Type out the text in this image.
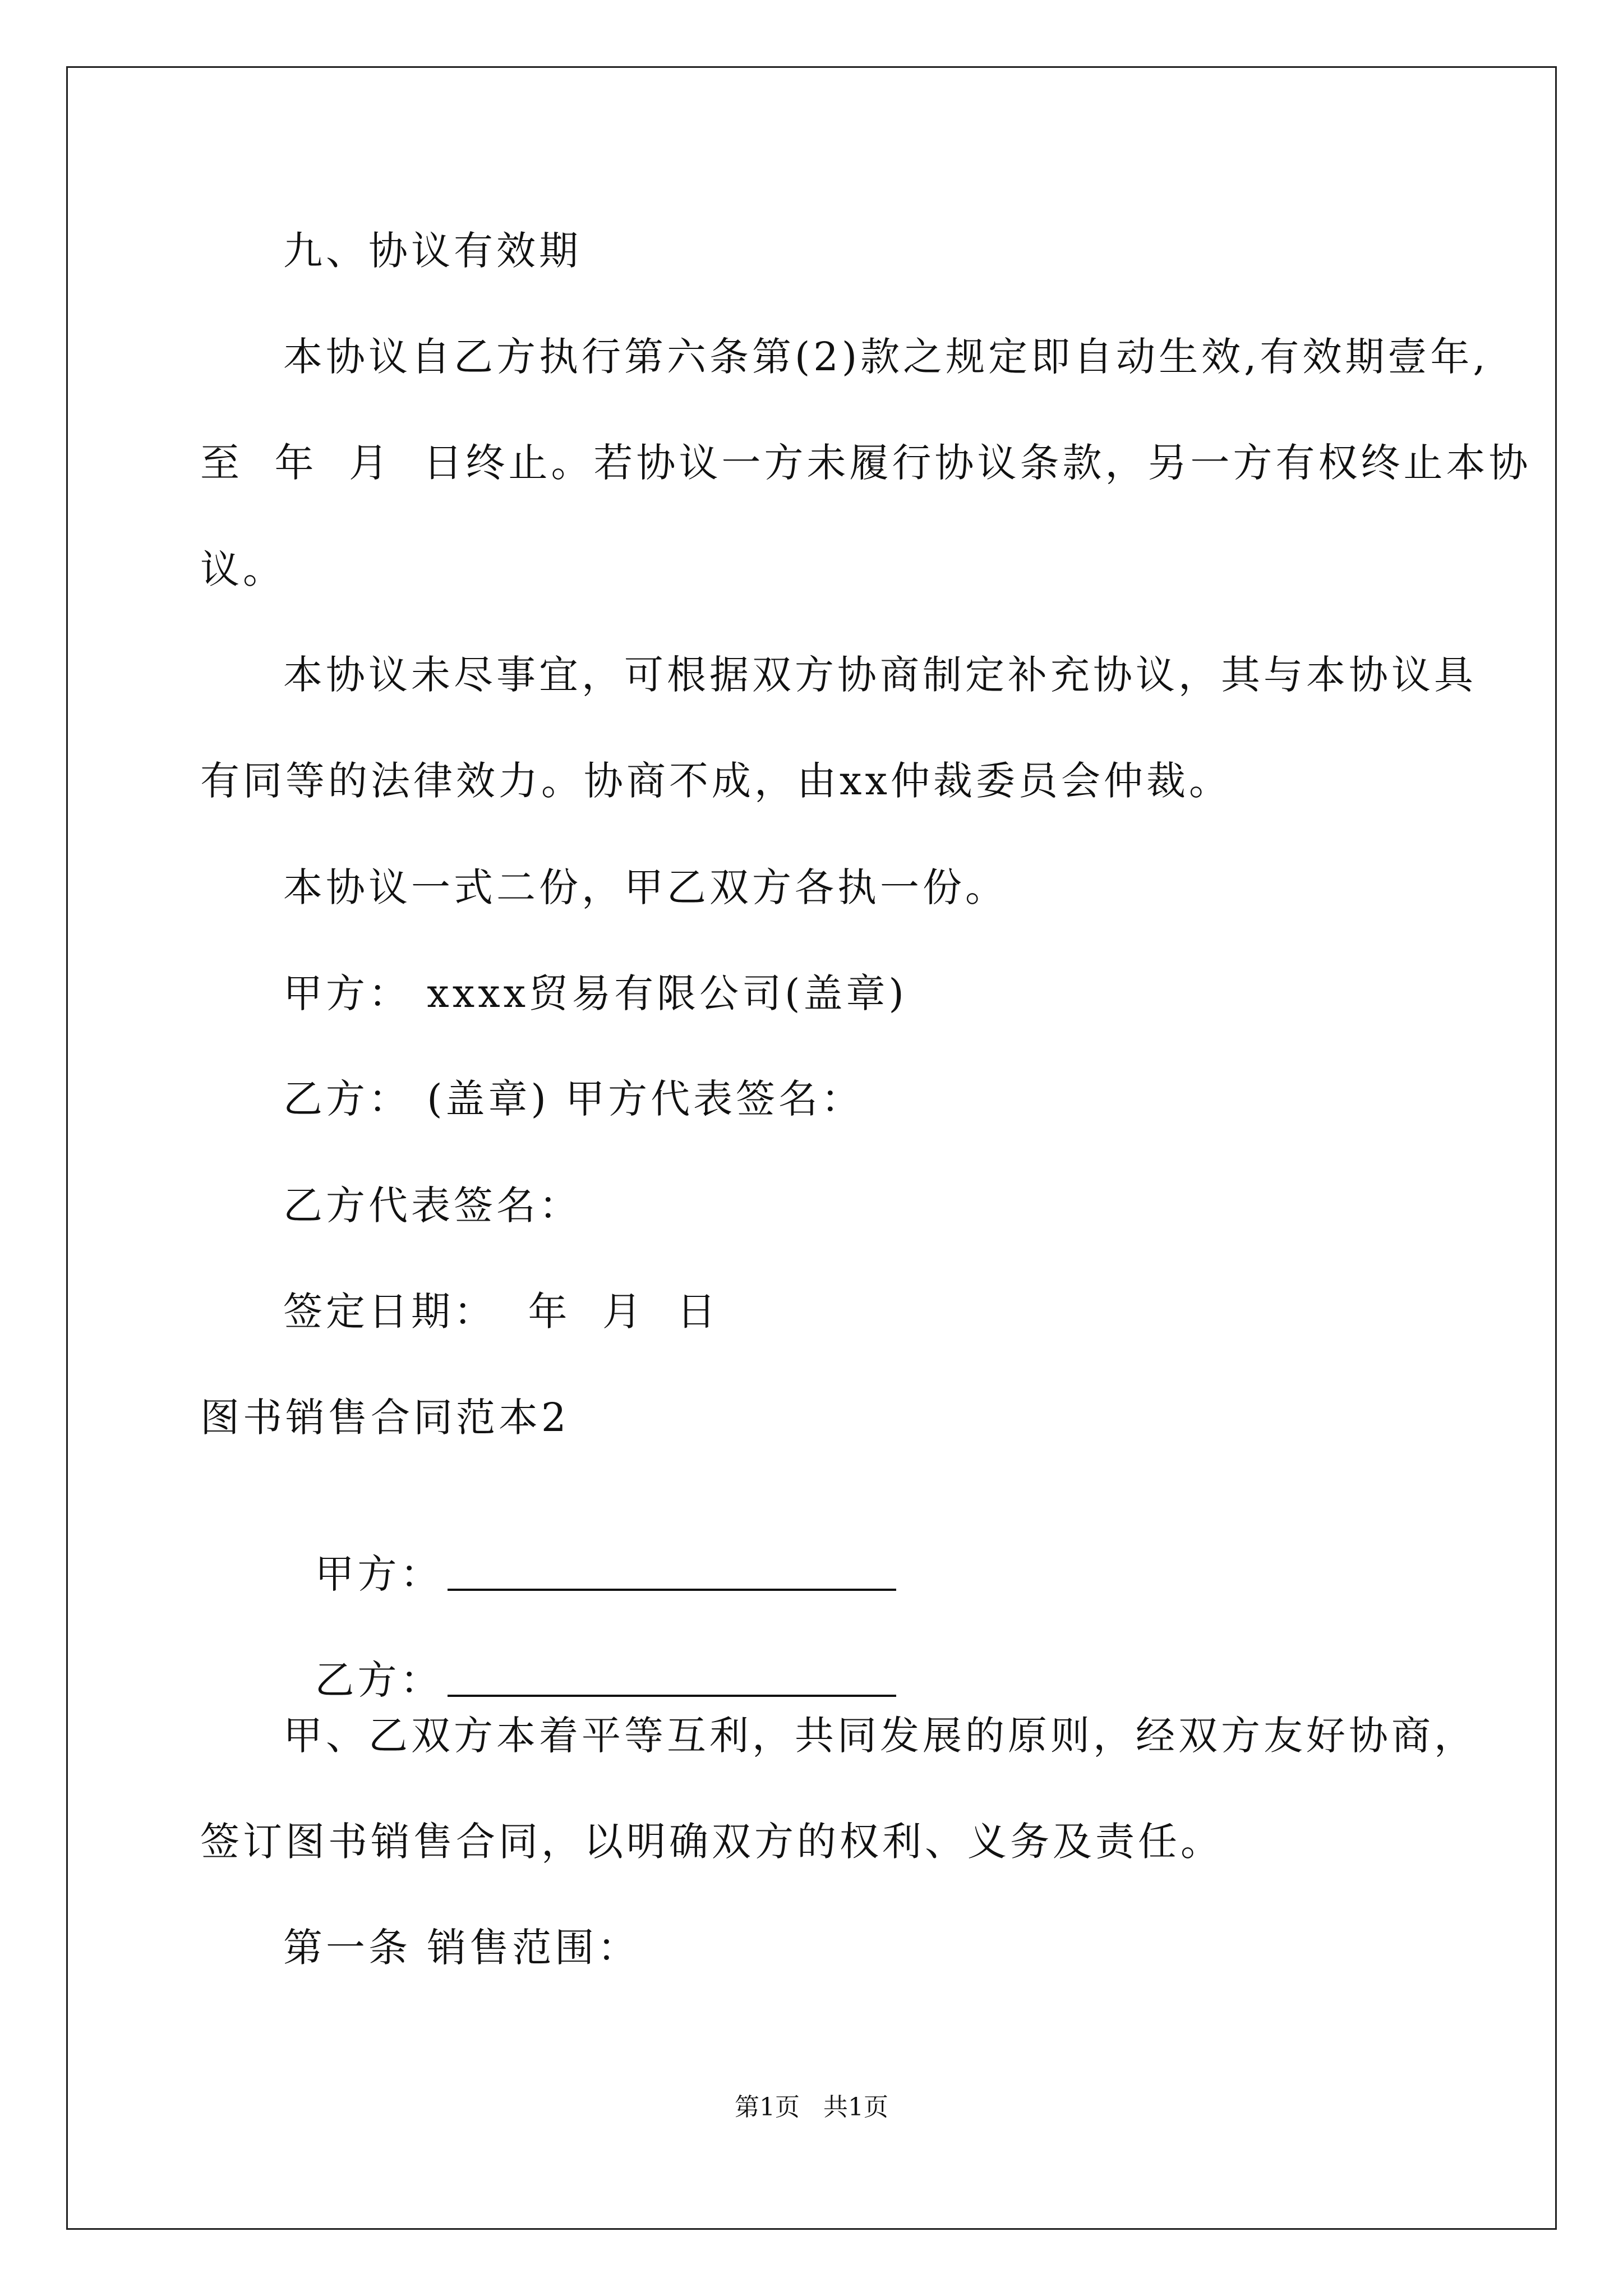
九、协议有效期
本协议自乙方执行第六条第(2)款之规定即自动生效,有效期壹年,
至  年  月  日终止。若协议一方未履行协议条款，另一方有权终止本协
议。
本协议未尽事宜，可根据双方协商制定补充协议，其与本协议具
有同等的法律效力。协商不成，由xx仲裁委员会仲裁。
本协议一式二份，甲乙双方各执一份。
甲方： xxxx贸易有限公司(盖章)
乙方： (盖章) 甲方代表签名：
乙方代表签名：
签定日期：  年  月  日
图书销售合同范本2

甲方：

乙方：

甲、乙双方本着平等互利，共同发展的原则，经双方友好协商，
签订图书销售合同，以明确双方的权利、义务及责任。
第一条 销售范围：
第1页   共1页
